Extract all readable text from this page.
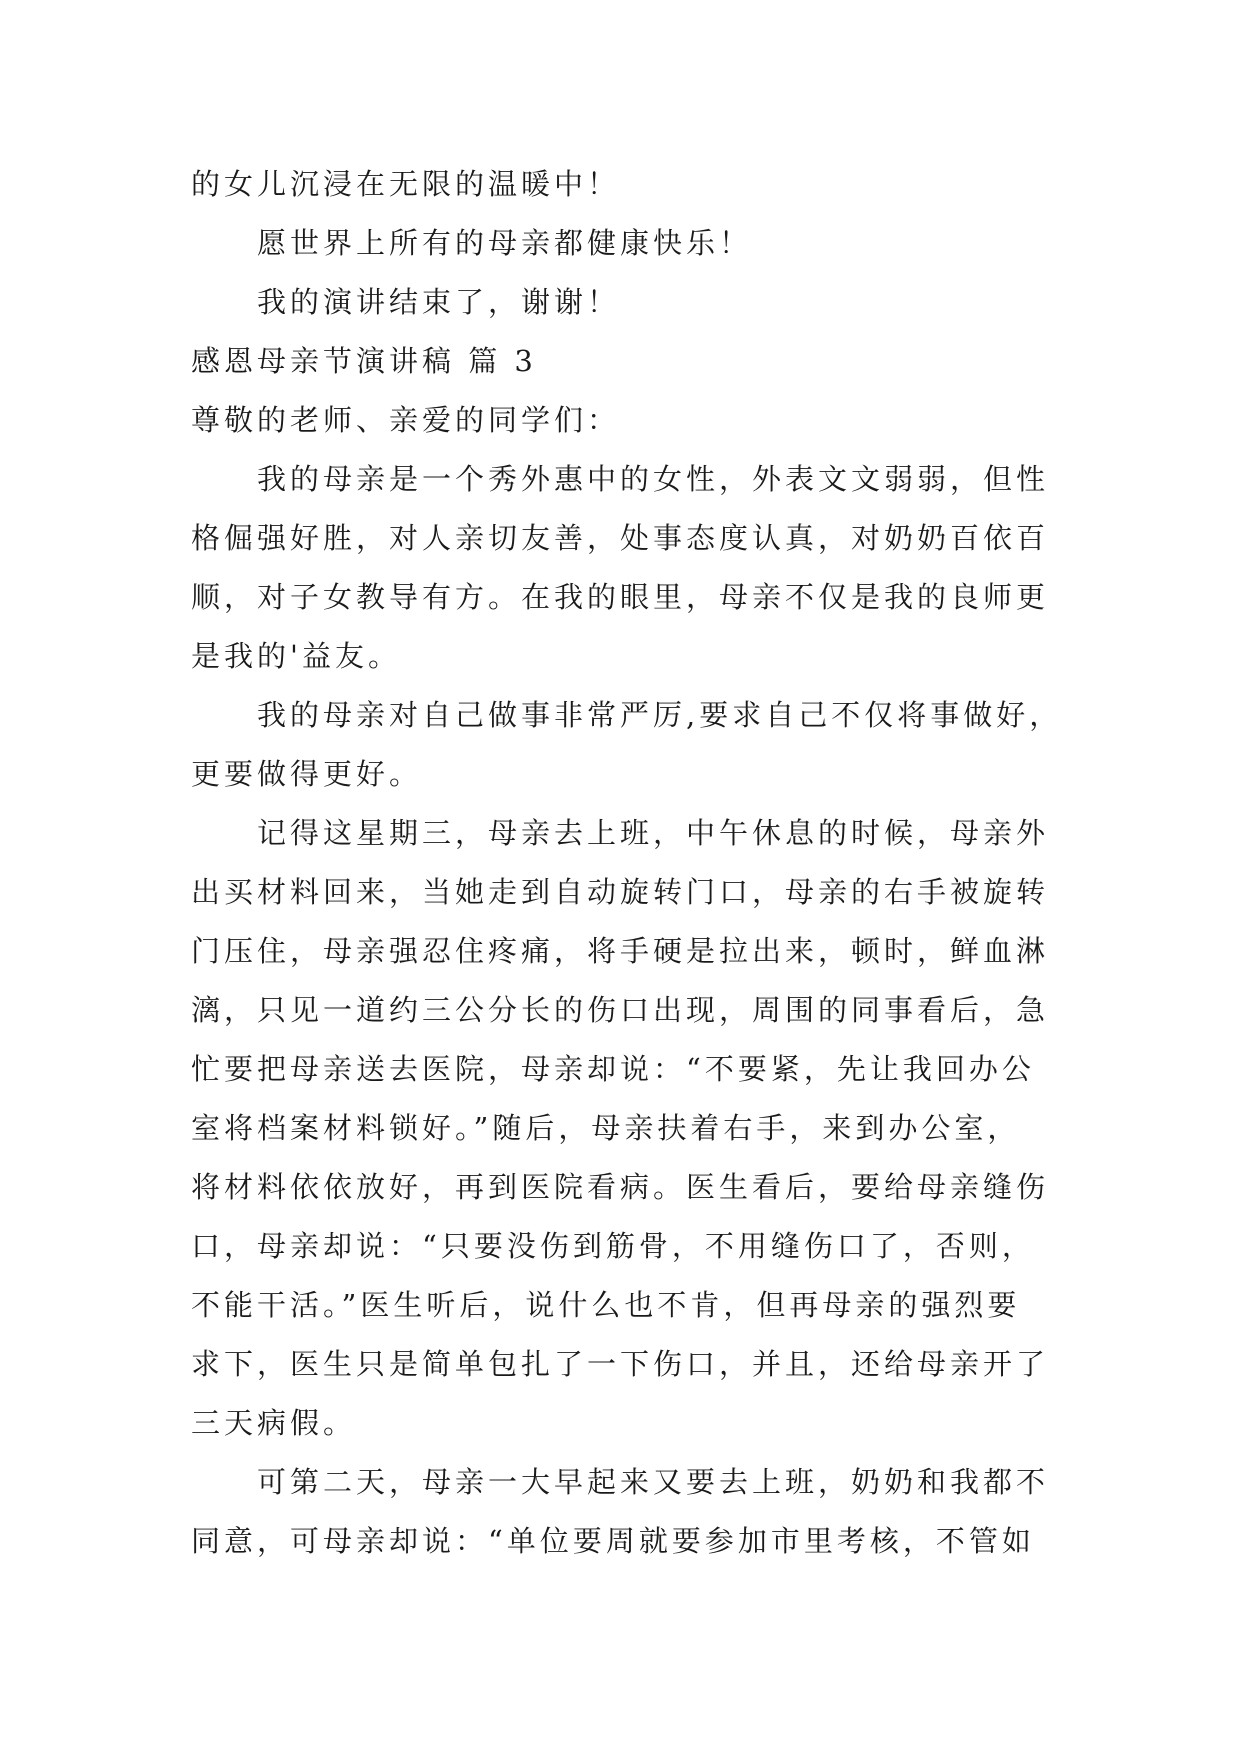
的女儿沉浸在无限的温暖中！
愿世界上所有的母亲都健康快乐！
我的演讲结束了，谢谢！
感恩母亲节演讲稿 篇 3
尊敬的老师、亲爱的同学们：
我的母亲是一个秀外惠中的女性，外表文文弱弱，但性
格倔强好胜，对人亲切友善，处事态度认真，对奶奶百依百
顺，对子女教导有方。在我的眼里，母亲不仅是我的良师更
是我的'益友。
我的母亲对自己做事非常严厉,要求自己不仅将事做好，
更要做得更好。
记得这星期三，母亲去上班，中午休息的时候，母亲外
出买材料回来，当她走到自动旋转门口，母亲的右手被旋转
门压住，母亲强忍住疼痛，将手硬是拉出来，顿时，鲜血淋
漓，只见一道约三公分长的伤口出现，周围的同事看后，急
忙要把母亲送去医院，母亲却说：“不要紧，先让我回办公
室将档案材料锁好。”随后，母亲扶着右手，来到办公室，
将材料依依放好，再到医院看病。医生看后，要给母亲缝伤
口，母亲却说：“只要没伤到筋骨，不用缝伤口了，否则，
不能干活。”医生听后，说什么也不肯，但再母亲的强烈要
求下，医生只是简单包扎了一下伤口，并且，还给母亲开了
三天病假。
可第二天，母亲一大早起来又要去上班，奶奶和我都不
同意，可母亲却说：“单位要周就要参加市里考核，不管如
